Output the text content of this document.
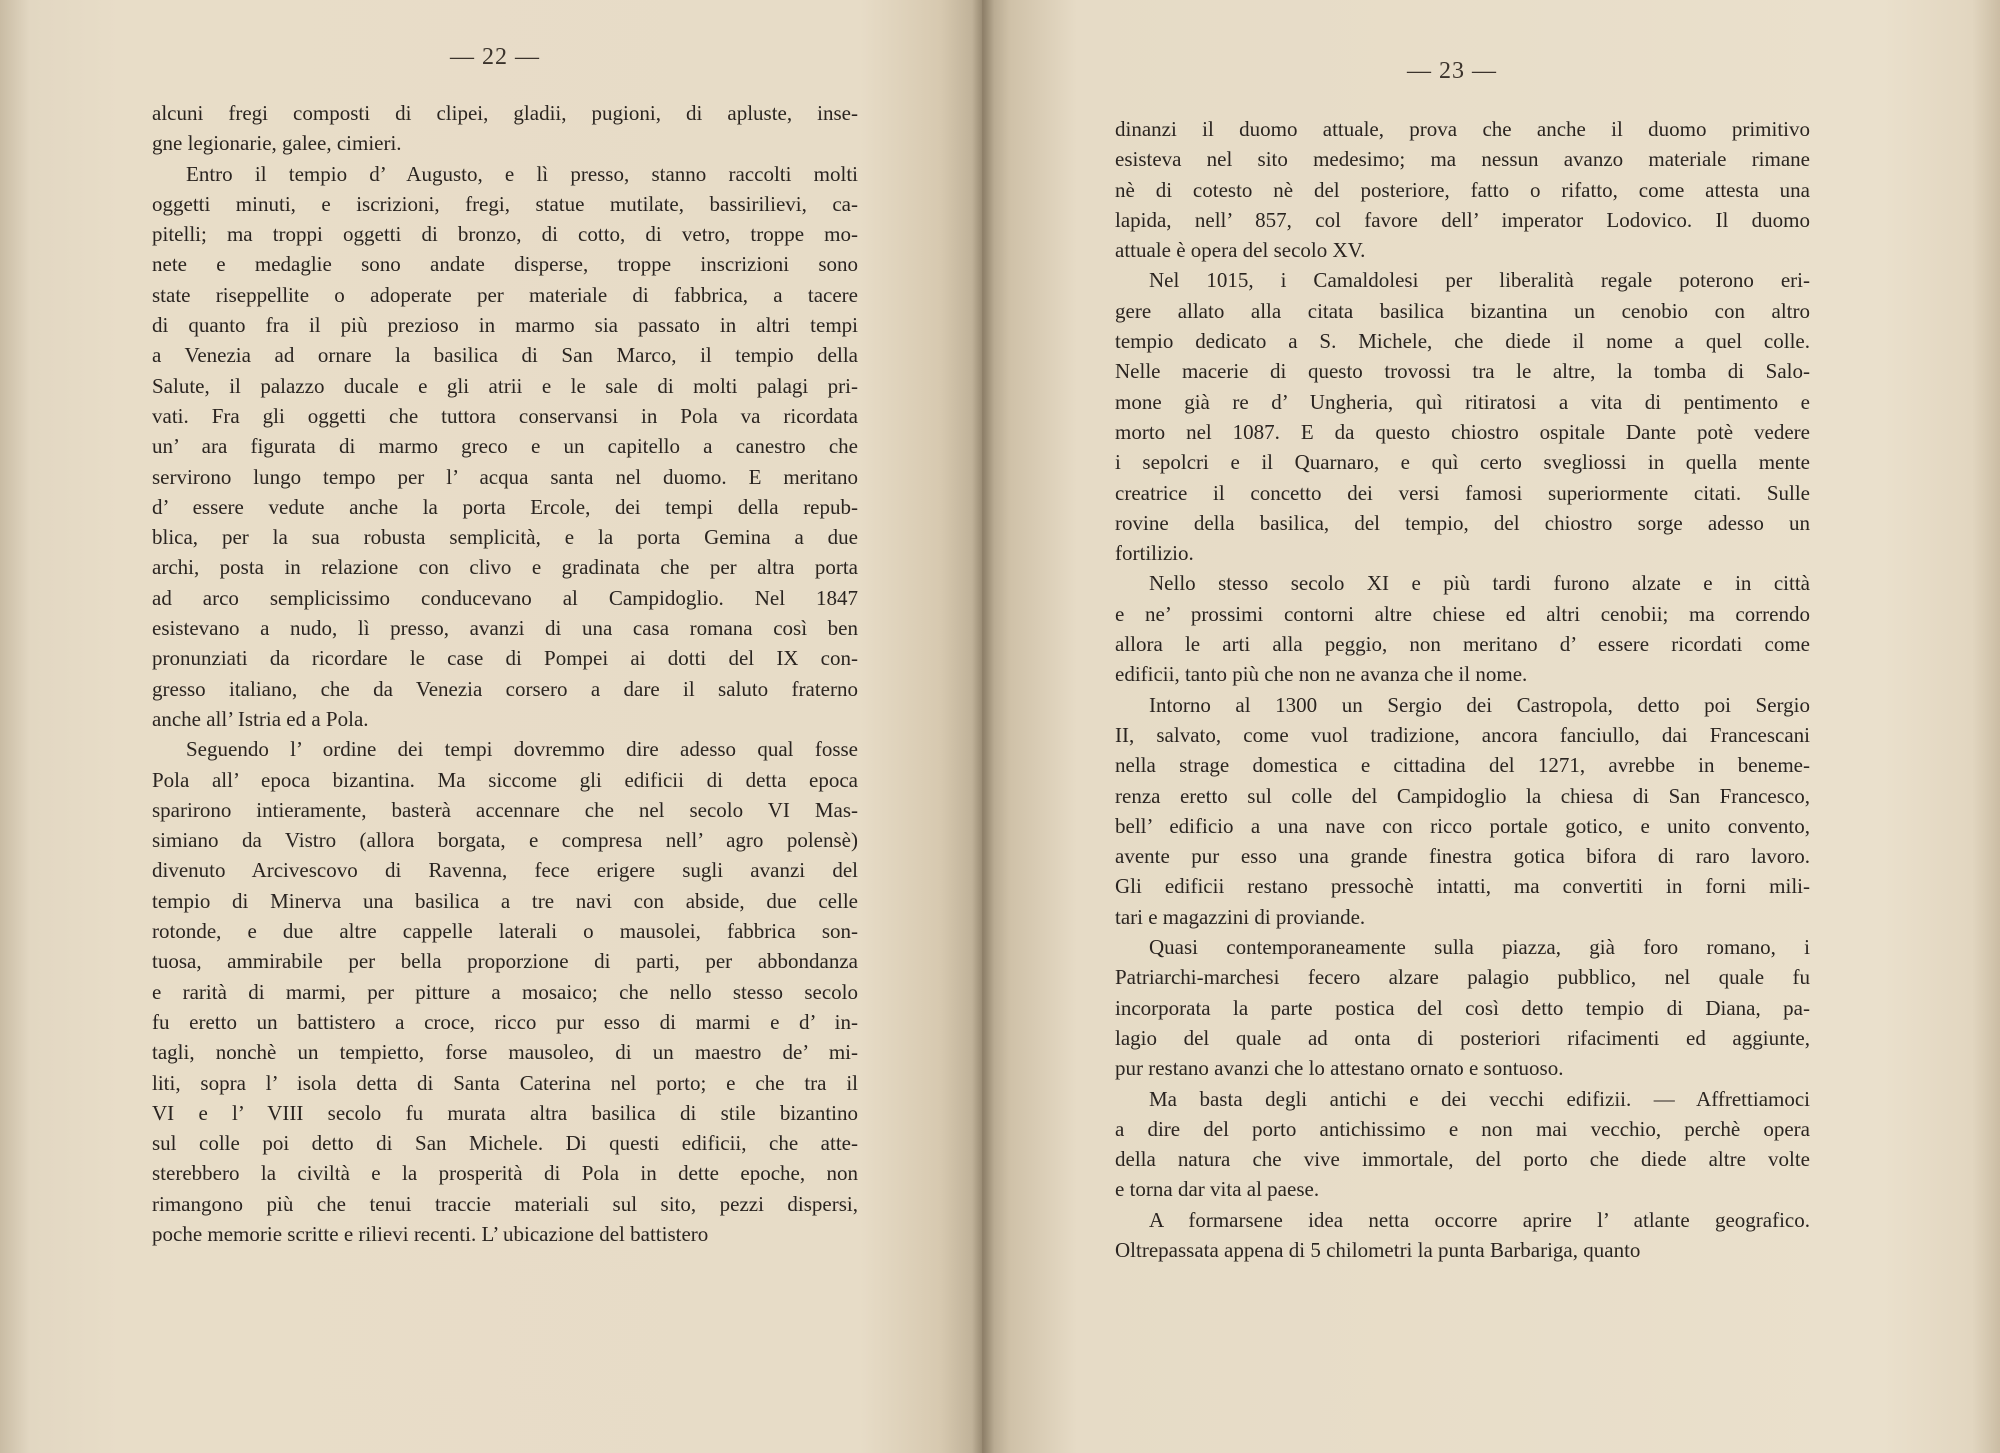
— 22 —
alcuni fregi composti di clipei, gladii, pugioni, di apluste, inse-
gne legionarie, galee, cimieri.
Entro il tempio d’ Augusto, e lì presso, stanno raccolti molti
oggetti minuti, e iscrizioni, fregi, statue mutilate, bassirilievi, ca-
pitelli; ma troppi oggetti di bronzo, di cotto, di vetro, troppe mo-
nete e medaglie sono andate disperse, troppe inscrizioni sono
state riseppellite o adoperate per materiale di fabbrica, a tacere
di quanto fra il più prezioso in marmo sia passato in altri tempi
a Venezia ad ornare la basilica di San Marco, il tempio della
Salute, il palazzo ducale e gli atrii e le sale di molti palagi pri-
vati. Fra gli oggetti che tuttora conservansi in Pola va ricordata
un’ ara figurata di marmo greco e un capitello a canestro che
servirono lungo tempo per l’ acqua santa nel duomo. E meritano
d’ essere vedute anche la porta Ercole, dei tempi della repub-
blica, per la sua robusta semplicità, e la porta Gemina a due
archi, posta in relazione con clivo e gradinata che per altra porta
ad arco semplicissimo conducevano al Campidoglio. Nel 1847
esistevano a nudo, lì presso, avanzi di una casa romana così ben
pronunziati da ricordare le case di Pompei ai dotti del IX con-
gresso italiano, che da Venezia corsero a dare il saluto fraterno
anche all’ Istria ed a Pola.
Seguendo l’ ordine dei tempi dovremmo dire adesso qual fosse
Pola all’ epoca bizantina. Ma siccome gli edificii di detta epoca
sparirono intieramente, basterà accennare che nel secolo VI Mas-
simiano da Vistro (allora borgata, e compresa nell’ agro polensè)
divenuto Arcivescovo di Ravenna, fece erigere sugli avanzi del
tempio di Minerva una basilica a tre navi con abside, due celle
rotonde, e due altre cappelle laterali o mausolei, fabbrica son-
tuosa, ammirabile per bella proporzione di parti, per abbondanza
e rarità di marmi, per pitture a mosaico; che nello stesso secolo
fu eretto un battistero a croce, ricco pur esso di marmi e d’ in-
tagli, nonchè un tempietto, forse mausoleo, di un maestro de’ mi-
liti, sopra l’ isola detta di Santa Caterina nel porto; e che tra il
VI e l’ VIII secolo fu murata altra basilica di stile bizantino
sul colle poi detto di San Michele. Di questi edificii, che atte-
sterebbero la civiltà e la prosperità di Pola in dette epoche, non
rimangono più che tenui traccie materiali sul sito, pezzi dispersi,
poche memorie scritte e rilievi recenti. L’ ubicazione del battistero
— 23 —
dinanzi il duomo attuale, prova che anche il duomo primitivo
esisteva nel sito medesimo; ma nessun avanzo materiale rimane
nè di cotesto nè del posteriore, fatto o rifatto, come attesta una
lapida, nell’ 857, col favore dell’ imperator Lodovico. Il duomo
attuale è opera del secolo XV.
Nel 1015, i Camaldolesi per liberalità regale poterono eri-
gere allato alla citata basilica bizantina un cenobio con altro
tempio dedicato a S. Michele, che diede il nome a quel colle.
Nelle macerie di questo trovossi tra le altre, la tomba di Salo-
mone già re d’ Ungheria, quì ritiratosi a vita di pentimento e
morto nel 1087. E da questo chiostro ospitale Dante potè vedere
i sepolcri e il Quarnaro, e quì certo svegliossi in quella mente
creatrice il concetto dei versi famosi superiormente citati. Sulle
rovine della basilica, del tempio, del chiostro sorge adesso un
fortilizio.
Nello stesso secolo XI e più tardi furono alzate e in città
e ne’ prossimi contorni altre chiese ed altri cenobii; ma correndo
allora le arti alla peggio, non meritano d’ essere ricordati come
edificii, tanto più che non ne avanza che il nome.
Intorno al 1300 un Sergio dei Castropola, detto poi Sergio
II, salvato, come vuol tradizione, ancora fanciullo, dai Francescani
nella strage domestica e cittadina del 1271, avrebbe in beneme-
renza eretto sul colle del Campidoglio la chiesa di San Francesco,
bell’ edificio a una nave con ricco portale gotico, e unito convento,
avente pur esso una grande finestra gotica bifora di raro lavoro.
Gli edificii restano pressochè intatti, ma convertiti in forni mili-
tari e magazzini di proviande.
Quasi contemporaneamente sulla piazza, già foro romano, i
Patriarchi-marchesi fecero alzare palagio pubblico, nel quale fu
incorporata la parte postica del così detto tempio di Diana, pa-
lagio del quale ad onta di posteriori rifacimenti ed aggiunte,
pur restano avanzi che lo attestano ornato e sontuoso.
Ma basta degli antichi e dei vecchi edifizii. — Affrettiamoci
a dire del porto antichissimo e non mai vecchio, perchè opera
della natura che vive immortale, del porto che diede altre volte
e torna dar vita al paese.
A formarsene idea netta occorre aprire l’ atlante geografico.
Oltrepassata appena di 5 chilometri la punta Barbariga, quanto
